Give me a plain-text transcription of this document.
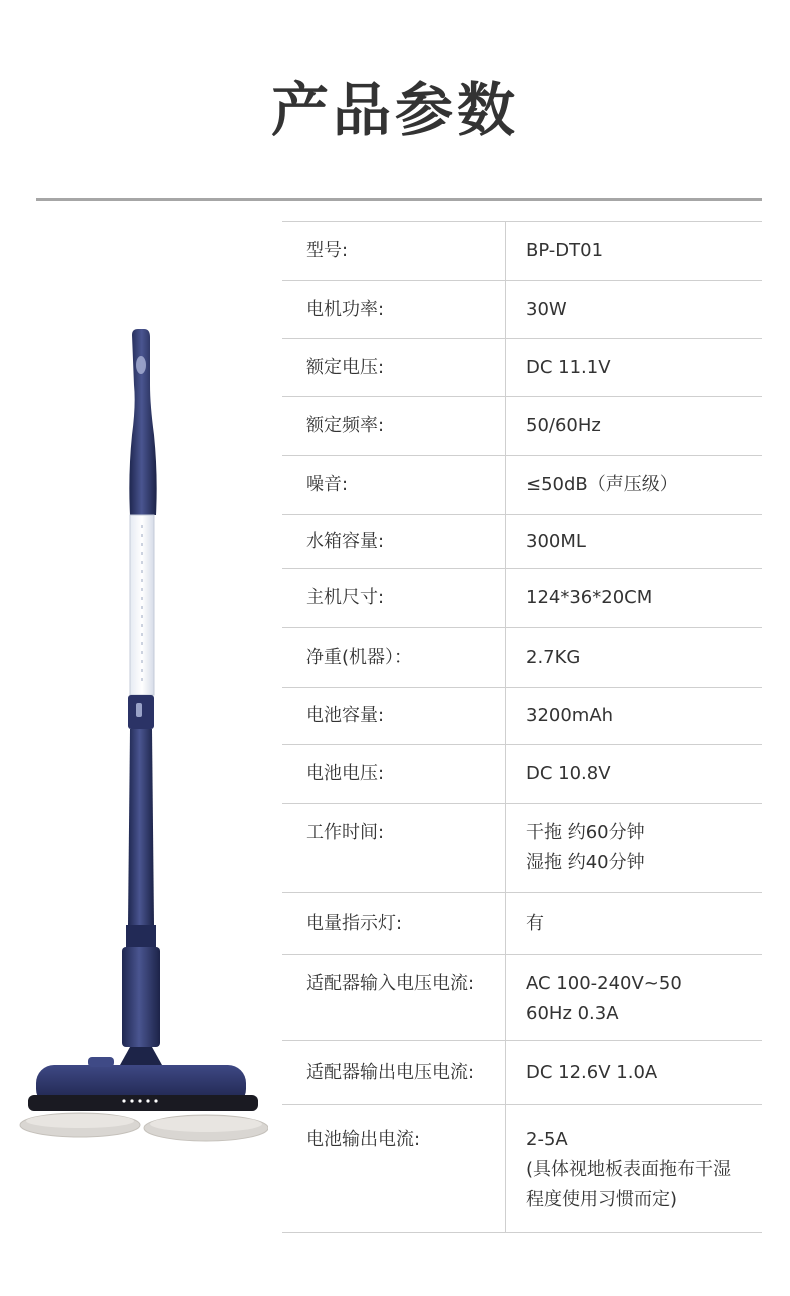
产品参数
型号:	BP-DT01
电机功率:	30W
额定电压:	DC 11.1V
额定频率:	50/60Hz
噪音:	≤50dB（声压级）
水箱容量:	300ML
主机尺寸:	124*36*20CM
净重(机器）：	2.7KG
电池容量:	3200mAh
电池电压:	DC 10.8V
工作时间:	干拖 约60分钟
湿拖 约40分钟
电量指示灯:	有
适配器输入电压电流:	AC 100-240V~50
60Hz 0.3A
适配器输出电压电流:	DC 12.6V 1.0A
电池输出电流:	2-5A
(具体视地板表面拖布干湿
程度使用习惯而定)
